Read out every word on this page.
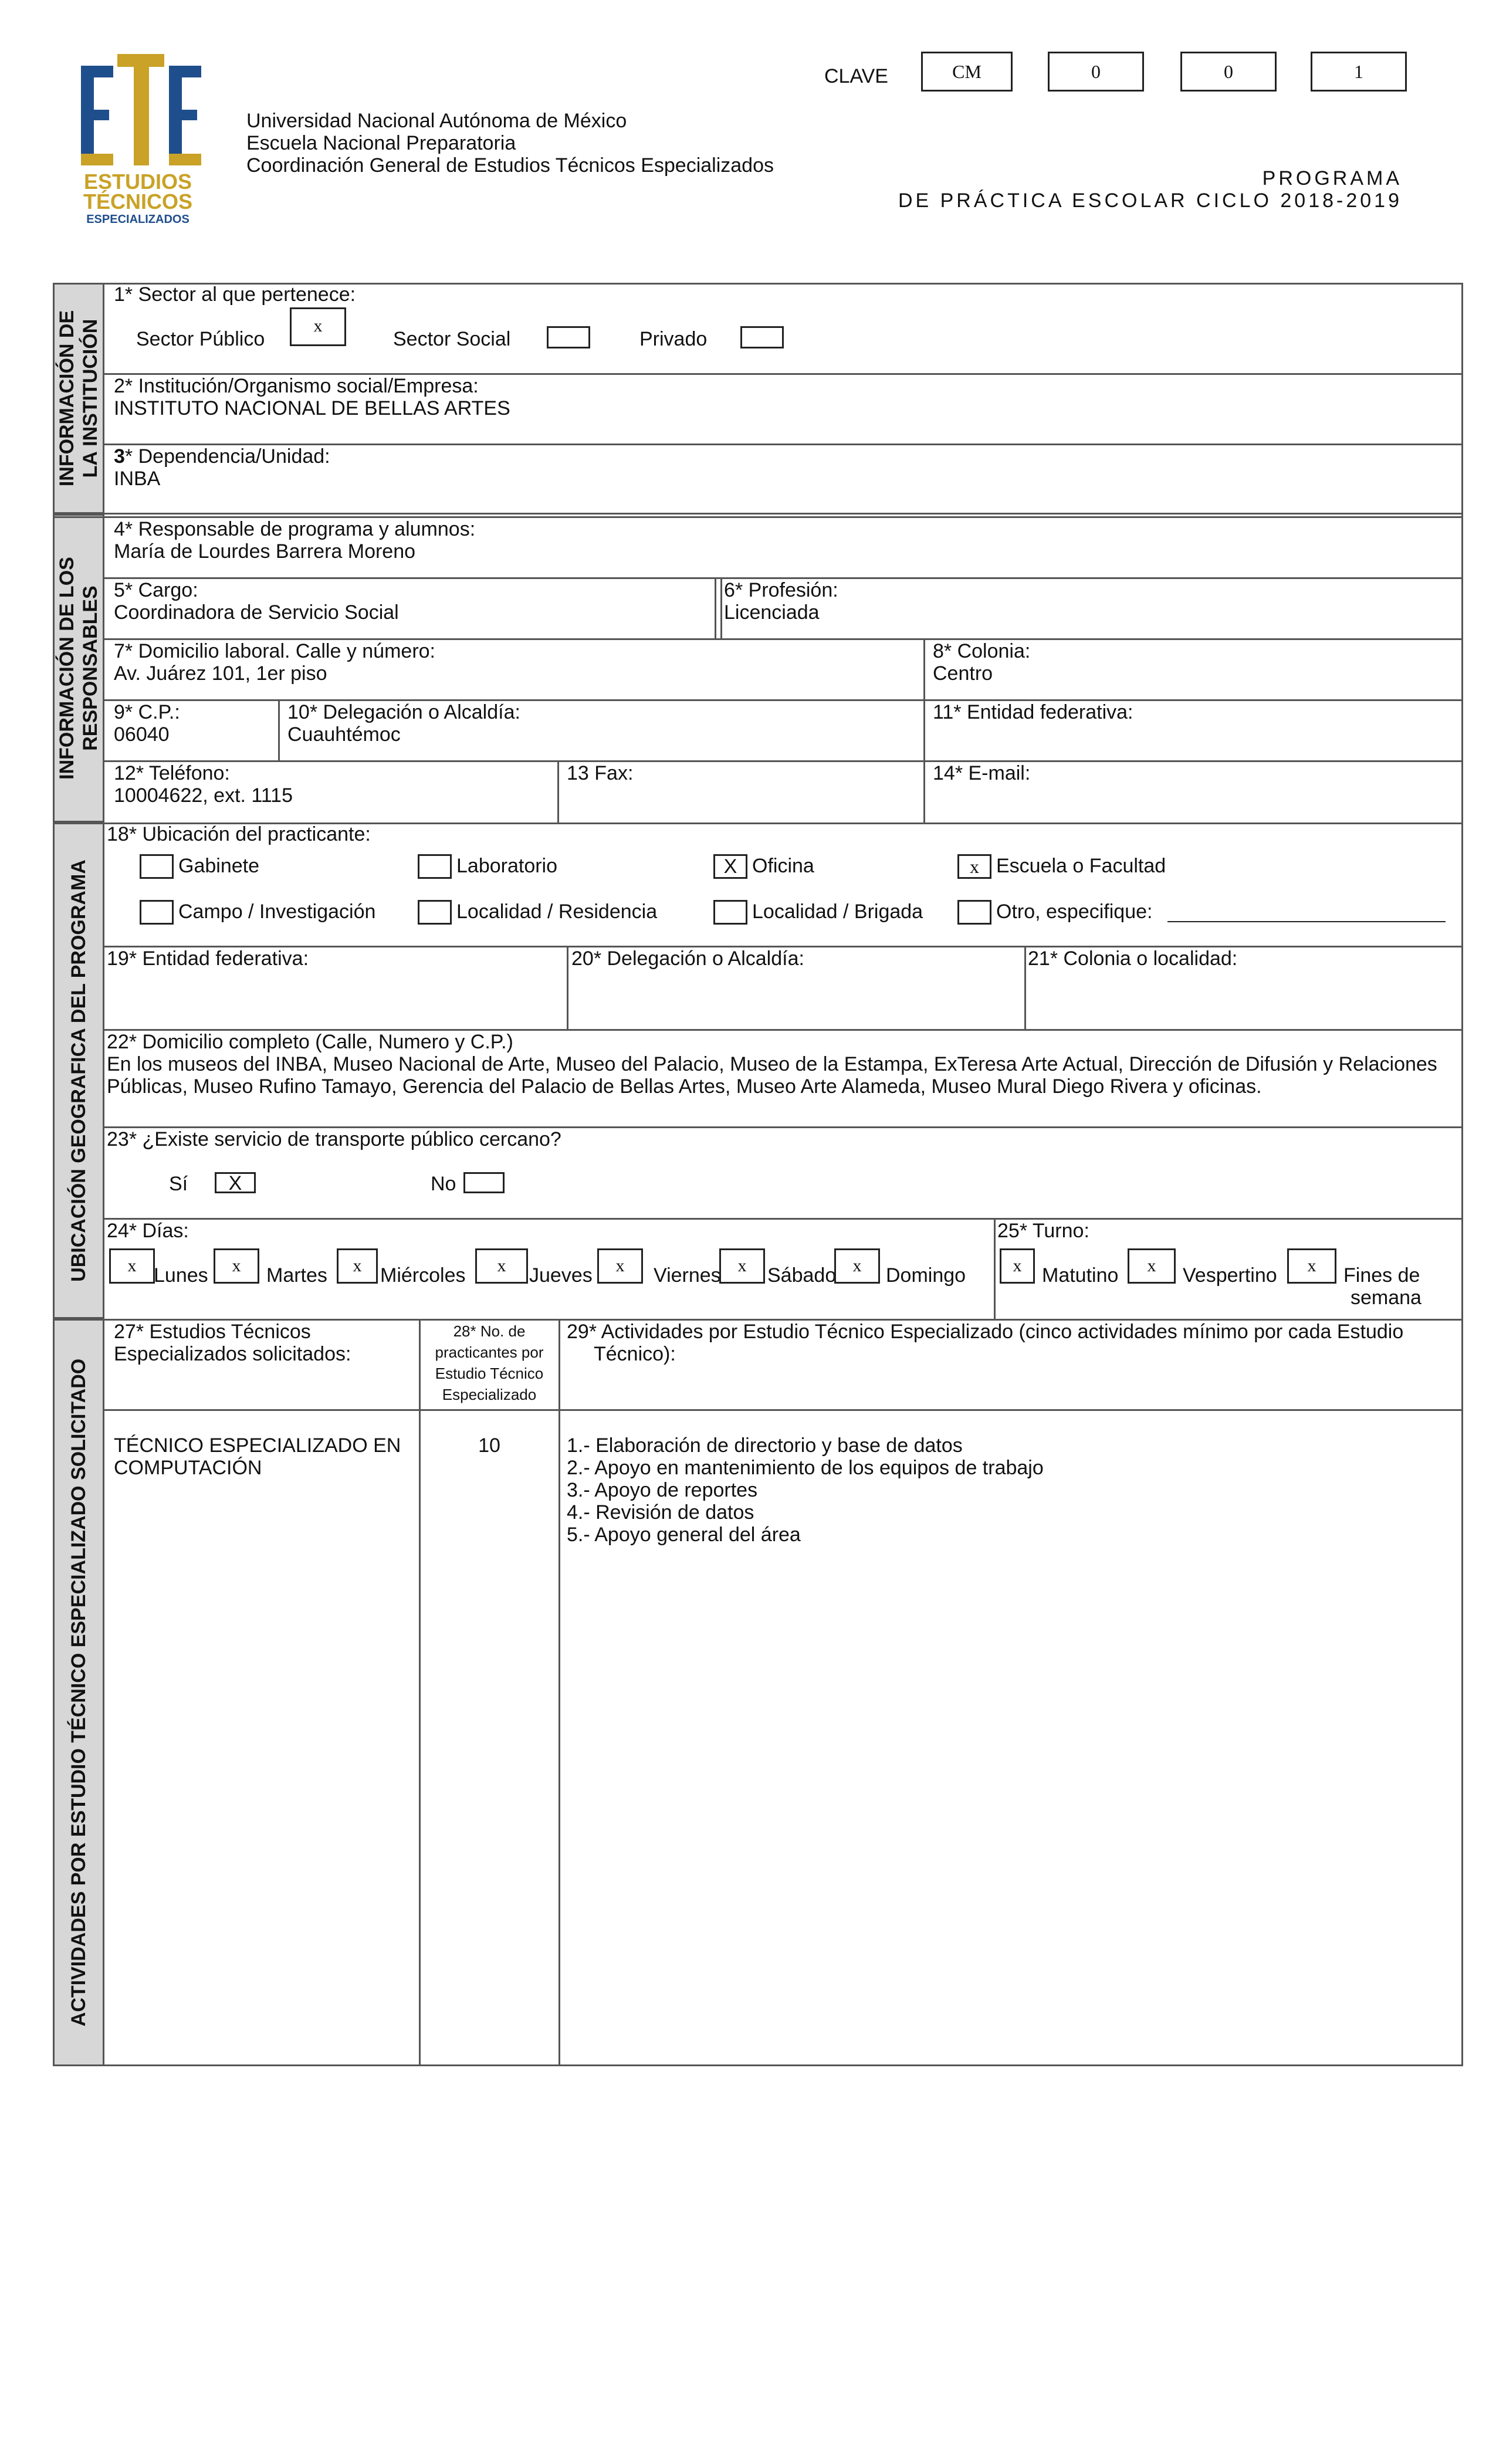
ESTUDIOS
TÉCNICOS
ESPECIALIZADOS
Universidad Nacional Autónoma de México
Escuela Nacional Preparatoria
Coordinación General de Estudios Técnicos Especializados
CLAVE	CM	0	0	1
PROGRAMA
DE PRÁCTICA ESCOLAR CICLO 2018-2019
INFORMACIÓN DE
LA INSTITUCIÓN
INFORMACIÓN DE LOS
RESPONSABLES
UBICACIÓN GEOGRAFICA DEL PROGRAMA
ACTIVIDADES POR ESTUDIO TÉCNICO ESPECIALIZADO SOLICITADO
1* Sector al que pertenece:
Sector Público
x
Sector Social	Privado
2* Institución/Organismo social/Empresa:
INSTITUTO NACIONAL DE BELLAS ARTES
3* Dependencia/Unidad:
INBA
4* Responsable de programa y alumnos:
María de Lourdes Barrera Moreno
5* Cargo:
Coordinadora de Servicio Social
6* Profesión:
Licenciada
7* Domicilio laboral. Calle y número:
Av. Juárez 101, 1er piso
8* Colonia:
Centro
9* C.P.:
06040
10* Delegación o Alcaldía:
Cuauhtémoc
11* Entidad federativa:
12* Teléfono:
10004622, ext. 1115
13 Fax:	14* E-mail:
18* Ubicación del practicante:
Gabinete	Laboratorio	X Oficina	x Escuela o Facultad
Campo / Investigación	Localidad / Residencia	Localidad / Brigada	Otro, especifique:
19* Entidad federativa:	20* Delegación o Alcaldía:	21* Colonia o localidad:
22* Domicilio completo (Calle, Numero y C.P.)
En los museos del INBA, Museo Nacional de Arte, Museo del Palacio, Museo de la Estampa, ExTeresa Arte Actual, Dirección de Difusión y Relaciones
Públicas, Museo Rufino Tamayo, Gerencia del Palacio de Bellas Artes, Museo Arte Alameda, Museo Mural Diego Rivera y oficinas.
23* ¿Existe servicio de transporte público cercano?
Sí	X	No
24* Días:
x Lunes	x	Martes	x Miércoles	x	Jueves	x	Viernes x	Sábado x	Domingo
25* Turno:
x	Matutino	x	Vespertino	x	Fines de
semana
27* Estudios Técnicos
Especializados solicitados:
28* No. de
practicantes por
Estudio Técnico
Especializado
29* Actividades por Estudio Técnico Especializado (cinco actividades mínimo por cada Estudio
Técnico):
TÉCNICO ESPECIALIZADO EN
COMPUTACIÓN
10	1.- Elaboración de directorio y base de datos
2.- Apoyo en mantenimiento de los equipos de trabajo
3.- Apoyo de reportes
4.- Revisión de datos
5.- Apoyo general del área
